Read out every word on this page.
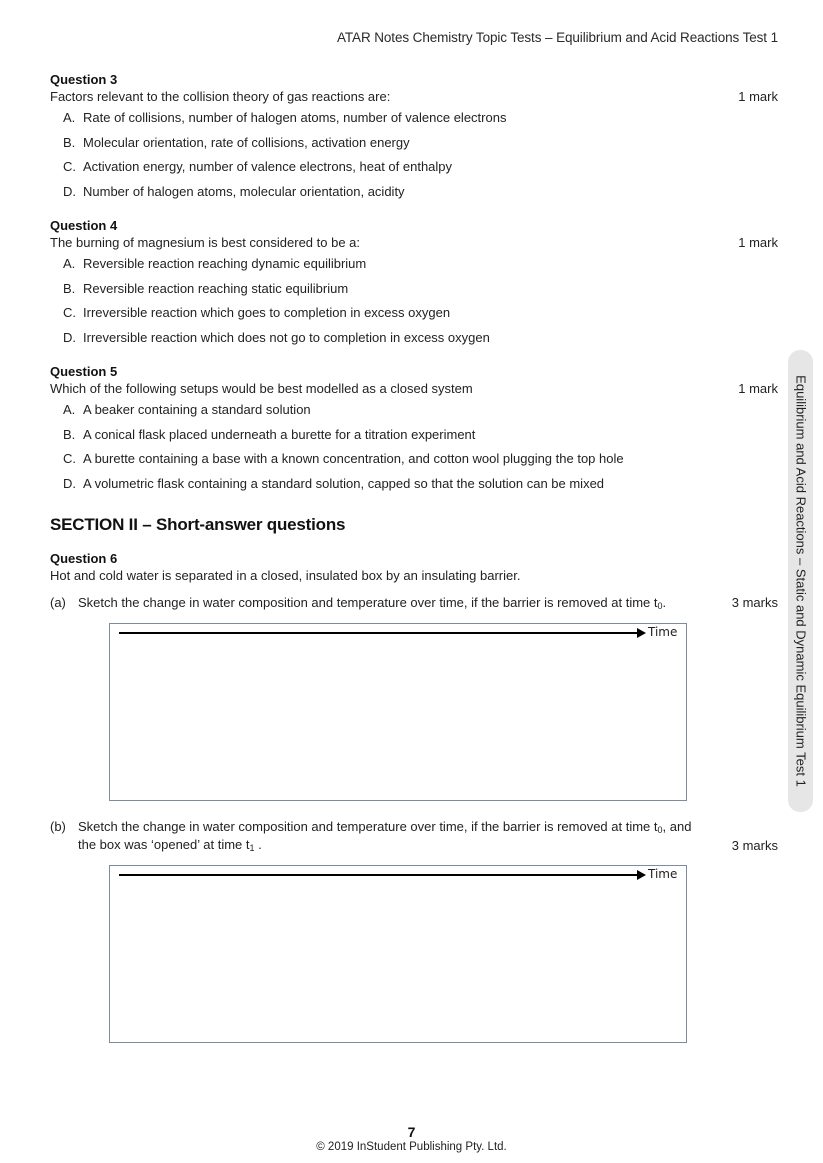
ATAR Notes Chemistry Topic Tests – Equilibrium and Acid Reactions Test 1
Question 3
Factors relevant to the collision theory of gas reactions are:	1 mark
A. Rate of collisions, number of halogen atoms, number of valence electrons
B. Molecular orientation, rate of collisions, activation energy
C. Activation energy, number of valence electrons, heat of enthalpy
D. Number of halogen atoms, molecular orientation, acidity
Question 4
The burning of magnesium is best considered to be a:	1 mark
A. Reversible reaction reaching dynamic equilibrium
B. Reversible reaction reaching static equilibrium
C. Irreversible reaction which goes to completion in excess oxygen
D. Irreversible reaction which does not go to completion in excess oxygen
Question 5
Which of the following setups would be best modelled as a closed system	1 mark
A. A beaker containing a standard solution
B. A conical flask placed underneath a burette for a titration experiment
C. A burette containing a base with a known concentration, and cotton wool plugging the top hole
D. A volumetric flask containing a standard solution, capped so that the solution can be mixed
SECTION II – Short-answer questions
Question 6
Hot and cold water is separated in a closed, insulated box by an insulating barrier.
(a) Sketch the change in water composition and temperature over time, if the barrier is removed at time $t_0$.	3 marks
Time
(b) Sketch the change in water composition and temperature over time, if the barrier is removed at time $t_0$, and
the box was ‘opened’ at time $t_1$ .	3 marks
Time
Equilibrium and Acid Reactions – Static and Dynamic Equilibrium Test 1
7
© 2019 InStudent Publishing Pty. Ltd.
